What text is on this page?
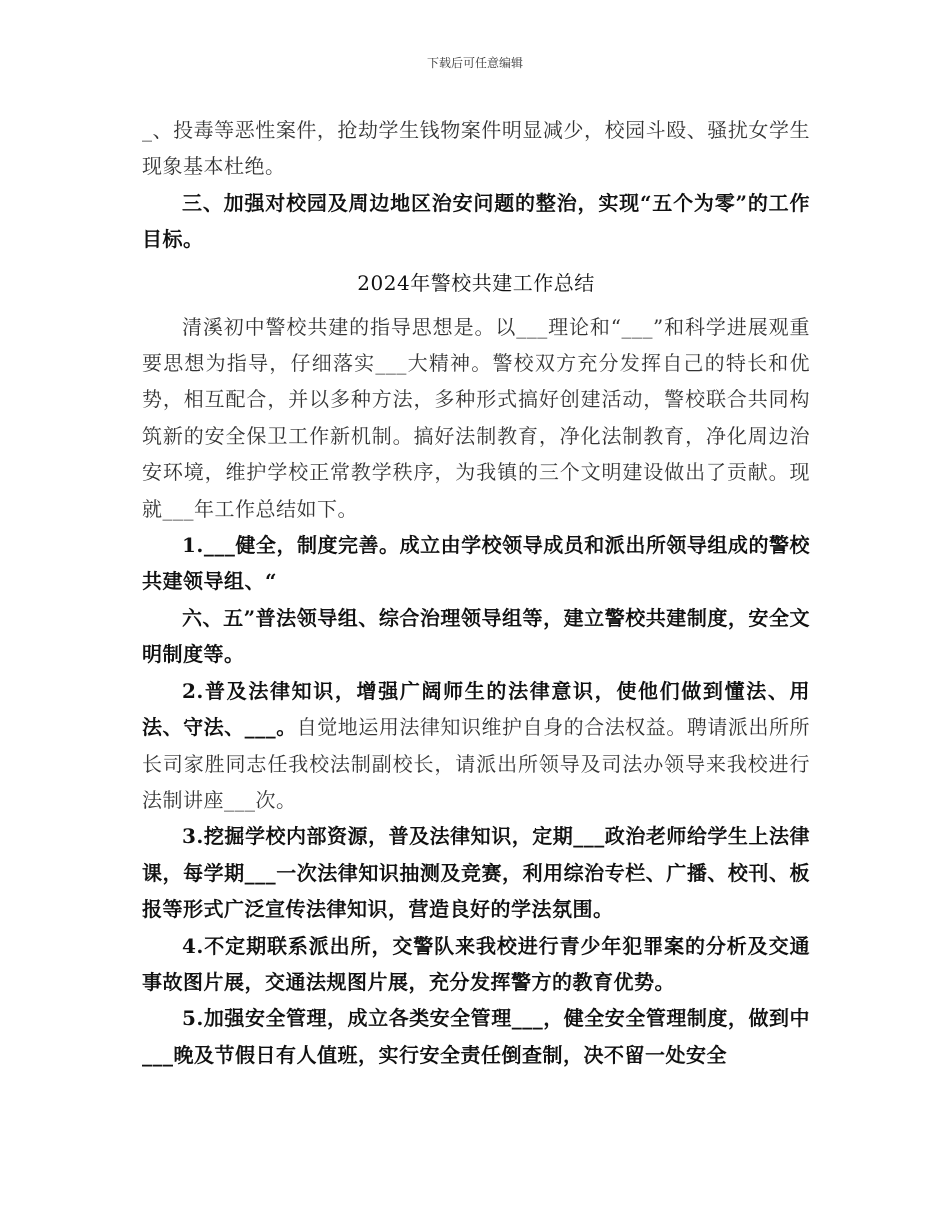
下载后可任意编辑

_、投毒等恶性案件，抢劫学生钱物案件明显减少，校园斗殴、骚扰女学生现象基本杜绝。

三、加强对校园及周边地区治安问题的整治，实现“五个为零”的工作目标。

2024年警校共建工作总结

清溪初中警校共建的指导思想是。以___理论和“___”和科学进展观重要思想为指导，仔细落实___大精神。警校双方充分发挥自己的特长和优势，相互配合，并以多种方法，多种形式搞好创建活动，警校联合共同构筑新的安全保卫工作新机制。搞好法制教育，净化法制教育，净化周边治安环境，维护学校正常教学秩序，为我镇的三个文明建设做出了贡献。现就___年工作总结如下。

1.___健全，制度完善。成立由学校领导成员和派出所领导组成的警校共建领导组、“

六、五”普法领导组、综合治理领导组等，建立警校共建制度，安全文明制度等。

2.普及法律知识，增强广阔师生的法律意识，使他们做到懂法、用法、守法、___。自觉地运用法律知识维护自身的合法权益。聘请派出所所长司家胜同志任我校法制副校长，请派出所领导及司法办领导来我校进行法制讲座___次。

3.挖掘学校内部资源，普及法律知识，定期___政治老师给学生上法律课，每学期___一次法律知识抽测及竞赛，利用综治专栏、广播、校刊、板报等形式广泛宣传法律知识，营造良好的学法氛围。

4.不定期联系派出所，交警队来我校进行青少年犯罪案的分析及交通事故图片展，交通法规图片展，充分发挥警方的教育优势。

5.加强安全管理，成立各类安全管理___，健全安全管理制度，做到中___晚及节假日有人值班，实行安全责任倒查制，决不留一处安全
